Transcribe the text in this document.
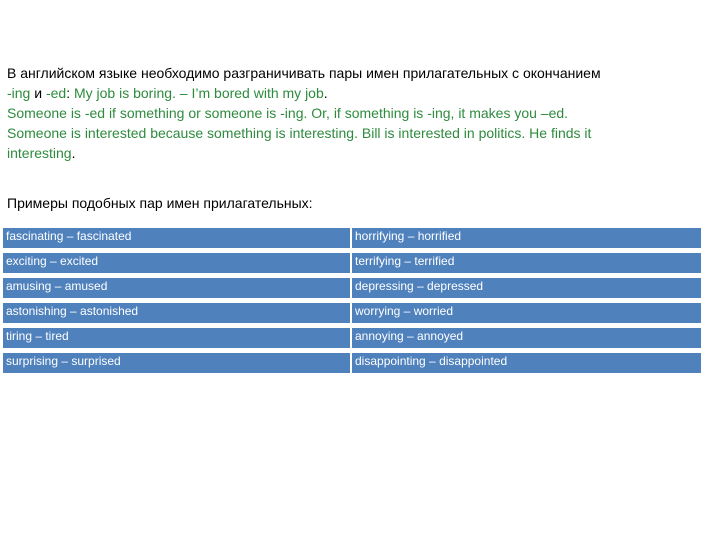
В английском языке необходимо разграничивать пары имен прилагательных с окончанием
-ing и -ed: My job is boring. – I’m bored with my job.
Someone is -ed if something or someone is -ing. Or, if something is -ing, it makes you –ed.
Someone is interested because something is interesting. Bill is interested in politics. He finds it
interesting.
Примеры подобных пар имен прилагательных:
fascinating – fascinated	horrifying – horrified
exciting – excited	terrifying – terrified
amusing – amused	depressing – depressed
astonishing – astonished	worrying – worried
tiring – tired	annoying – annoyed
surprising – surprised	disappointing – disappointed
